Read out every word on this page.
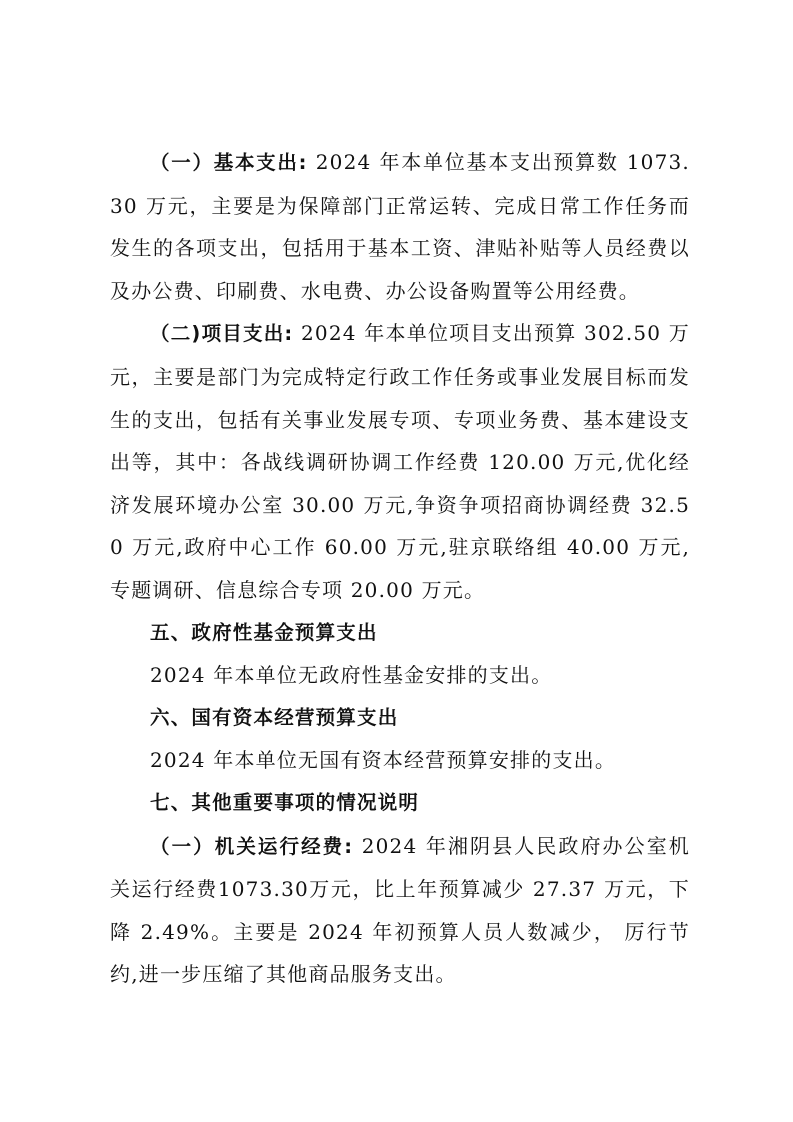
（一）基本支出: 2024 年本单位基本支出预算数 1073.30 万元，主要是为保障部门正常运转、完成日常工作任务而发生的各项支出，包括用于基本工资、津贴补贴等人员经费以及办公费、印刷费、水电费、办公设备购置等公用经费。

（二)项目支出: 2024 年本单位项目支出预算 302.50 万元，主要是部门为完成特定行政工作任务或事业发展目标而发生的支出，包括有关事业发展专项、专项业务费、基本建设支出等，其中：各战线调研协调工作经费 120.00 万元,优化经济发展环境办公室 30.00 万元,争资争项招商协调经费 32.50 万元,政府中心工作 60.00 万元,驻京联络组 40.00 万元,专题调研、信息综合专项 20.00 万元。

五、政府性基金预算支出

2024 年本单位无政府性基金安排的支出。

六、国有资本经营预算支出

2024 年本单位无国有资本经营预算安排的支出。

七、其他重要事项的情况说明

（一）机关运行经费: 2024 年湘阴县人民政府办公室机关运行经费1073.30万元，比上年预算减少 27.37 万元，下降 2.49%。主要是 2024 年初预算人员人数减少， 厉行节约,进一步压缩了其他商品服务支出。
